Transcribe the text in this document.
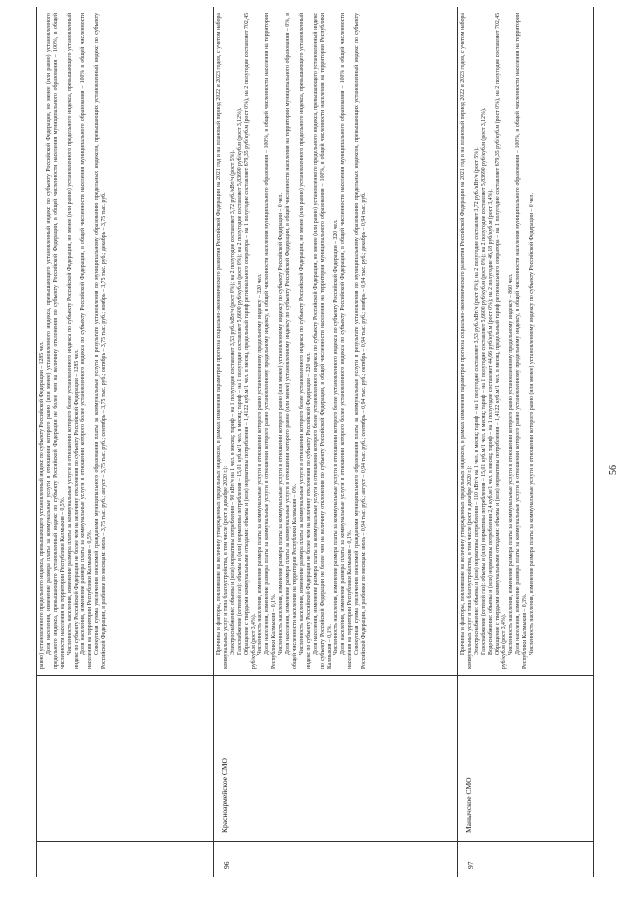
равно) установленного предельного индекса, превышающего установленный индекс по субъекту Российской Федерации – 1285 чел. Доля населения, изменение размера платы за коммунальные услуги в отношении которого равно (или менее) установленного индекса, превышающего установленный индекс по субъекту Российской Федерации, но менее (или равно) установленного предельного индекса, превышающего установленный индекс по субъекту Российской Федерации не более чем на величину отклонения по субъекту Российской Федерации, в общей численности населения муниципального образования – 100%, в общей численности населения на территории Республики Калмыкия – 0,5%. Численность населения, изменение размера платы за коммунальные услуги в отношении которого более установленного индекса по субъекту Российской Федерации, но менее (или равно) установленного предельного индекса, превышающего установленный индекс по субъекту Российской Федерации не более чем на величину отклонения по субъекту Российской Федерации – 1285 чел. Доля населения, изменение размера платы за коммунальные услуги в отношении которого более установленного индекса по субъекту Российской Федерации, в общей численности населения муниципального образования – 100% в общей численности населения на территории Республики Калмыкия – 0,5%. Совокупная сумма увеличения вносимой гражданами муниципального образования платы за коммунальные услуги в результате установления по муниципальному образованию предельных индексов, превышающих установленный индекс по субъекту Российской Федерации, в разбивке по месяцам: июль – 3,75 тыс. руб.; август – 3,75 тыс. руб.; сентябрь – 3,75 тыс. руб.; октябрь – 3,75 тыс. руб.; ноябрь – 3,75 тыс. руб.; декабрь – 3,75 тыс. руб.

96
Красноармейское СМО

Причины и факторы, повлиявшие на величину утвержденных предельных индексов, в рамках изменения параметров прогноза социально-экономического развития Российской Федерации на 2021 год и на плановый период 2022 и 2023 годов, с учетом набора коммунальных услуг и типа благоустройства, в том числе (рост в декабре 2020 г.): Электроснабжение: объемы и (или) нормативы потребления – 90 кВт/ч на 1 чел. в месяц; тариф – на 1 полугодие составляет 3,53 руб./кВт/ч (рост 0%); на 2 полугодие составляет 3,72 руб./кВт/ч (рост 5%). Газоснабжение (сетевой газ): объемы и (или) нормативы потребления – 15,01 куб.м/1 чел. в месяц; тариф – на 1 полугодие составляет 5,6600 руб/куб.м (рост 0%); на 2 полугодие составляет 5,83690 руб/куб.м (рост 3,12%). Обращение с твердыми коммунальными отходами: объемы и (или) нормативы потребления – 1,4122 куб.м/1 чел. в месяц, предельный тариф регионального оператора – на 1 полугодие составляет 679,35 руб/куб.м (рост 0%), на 2 полугодие составляет 702,45 руб/куб.м (рост 3,4%). Численность населения, изменение размера платы за коммунальные услуги в отношении которого равно установленному предельному индексу – 320 чел. Доля населения, изменение размера платы за коммунальные услуги в отношении которого равно установленному предельному индексу, в общей численности населения муниципального образования – 100%, в общей численности населения на территории Республики Калмыкия – 0,1%. Численность населения, изменение размера платы за коммунальные услуги в отношении которого равно (или менее) установленному индексу по субъекту Российской Федерации – 0 чел. Доля населения, изменение размера платы за коммунальные услуги в отношении которого равно (или менее) установленному индексу по субъекту Российской Федерации, в общей численности населения на территории муниципального образования – 0%, в общей численности населения на территории Республики Калмыкия – 0%. Численность населения, изменение размера платы за коммунальные услуги в отношении которого более установленного индекса по субъекту Российской Федерации, но менее (или равно) установленного предельного индекса, превышающего установленный индекс по субъекту Российской Федерации не более чем на величину отклонения по субъекту Российской Федерации – 320 чел. Доля населения, изменение размера платы за коммунальные услуги в отношении которого более установленного индекса по субъекту Российской Федерации, но менее (или равно) установленного предельного индекса, превышающего установленный индекс по субъекту Российской Федерации не более чем на величину отклонения по субъекту Российской Федерации, в общей численности населения на территории муниципального образования – 100%, в общей численности населения на территории Республики Калмыкия – 0,1%. Численность населения, изменение размера платы за коммунальные услуги в отношении которого более установленного индекса по субъекту Российской Федерации – 320 чел. Доля населения, изменение размера платы за коммунальные услуги в отношении которого более установленного индекса по субъекту Российской Федерации, в общей численности населения муниципального образования – 100% в общей численности населения на территории Республики Калмыкия – 0,1%. Совокупная сумма увеличения вносимой гражданами муниципального образования платы за коммунальные услуги в результате установления по муниципальному образованию предельных индексов, превышающих установленный индекс по субъекту Российской Федерации, в разбивке по месяцам: июль – 0,94 тыс. руб.; август – 0,94 тыс. руб.; сентябрь – 0,94 тыс. руб.; октябрь – 0,94 тыс. руб.; ноябрь – 0,94 тыс. руб.; декабрь – 0,94 тыс. руб.

97
Манычское СМО

Причины и факторы, повлиявшие на величину утвержденных предельных индексов, в рамках изменения параметров прогноза социально-экономического развития Российской Федерации на 2021 год и на плановый период 2022 и 2023 годов, с учетом набора коммунальных услуг и типа благоустройства, в том числе (рост в декабре 2020 г.): Электроснабжение: объемы и (или) нормативы потребления – 110 кВт/ч на 1 чел. в месяц; тариф – на 1 полугодие составляет 3,53 руб./кВт/ч (рост 0%); на 2 полугодие составляет 3,72 руб./кВт/ч (рост 5%). Газоснабжение (сетевой газ): объемы и (или) нормативы потребления – 15,01 куб.м/1 чел. в месяц; тариф – на 1 полугодие составляет 5,6600 руб/куб.м (рост 0%); на 2 полугодие составляет 5,83690 руб/куб.м (рост 3,12%). Водоснабжение: объемы и (или) нормативы потребления 2,4 куб.м/1 чел. в месяц; тариф – на 1 полугодие составляет 44,66 руб/куб.м (рост 0%); на 2 полугодие 46,18 руб/куб.м (рост 3,4%). Обращение с твердыми коммунальными отходами: объемы и (или) нормативы потребления – 1,4122 куб.м/1 чел. в месяц, предельный тариф регионального оператора – на 1 полугодие составляет 679,35 руб/куб.м (рост 0%), на 2 полугодие составляет 702,45 руб/куб.м (рост 3,4%). Численность населения, изменение размера платы за коммунальные услуги в отношении которого равно установленному предельному индексу – 860 чел. Доля населения, изменение размера платы за коммунальные услуги в отношении которого равно установленному предельному индексу, в общей численности населения муниципального образования – 100%, в общей численности населения на территории Республики Калмыкия – 0,3%. Численность населения, изменение размера платы за коммунальные услуги в отношении которого равно (или менее) установленному индексу по субъекту Российской Федерации – 0 чел.	56
